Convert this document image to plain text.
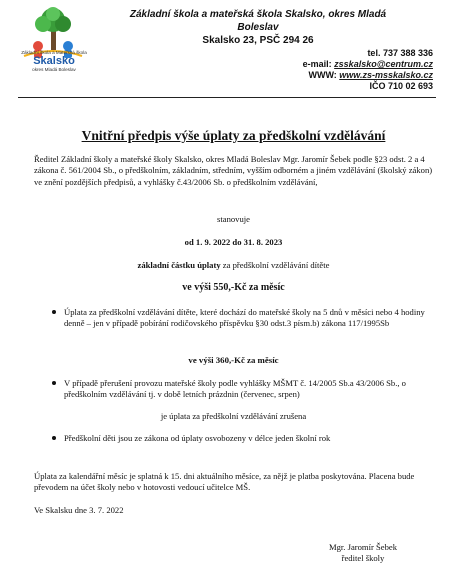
Základní škola a Mateřská škola
Skalsko
okres Mladá Boleslav
Základní škola a mateřská škola Skalsko, okres Mladá Boleslav
Skalsko 23, PSČ 294 26
tel. 737 388 336
e-mail: zsskalsko@centrum.cz
WWW: www.zs-msskalsko.cz
IČO 710 02 693
Vnitřní předpis výše úplaty za předškolní vzdělávání
Ředitel Základní školy a mateřské školy Skalsko, okres Mladá Boleslav Mgr. Jaromír Šebek podle §23 odst. 2 a 4 zákona č. 561/2004 Sb., o předškolním, základním, středním, vyšším odborném a jiném vzdělávání (školský zákon) ve znění pozdějších předpisů, a vyhlášky č.43/2006 Sb. o předškolním vzdělávání,
stanovuje
od 1. 9. 2022 do 31. 8. 2023
základní částku úplaty za předškolní vzdělávání dítěte
ve výši 550,-Kč za měsíc
Úplata za předškolní vzdělávání dítěte, které dochází do mateřské školy na 5 dnů v měsíci nebo 4 hodiny denně – jen v případě pobírání rodičovského příspěvku §30 odst.3 písm.b) zákona 117/1995Sb
ve výši 360,-Kč za měsíc
V případě přerušení provozu mateřské školy podle vyhlášky MŠMT č. 14/2005 Sb.a 43/2006 Sb., o předškolním vzdělávání tj. v době letních prázdnin (červenec, srpen)
je úplata za předškolní vzdělávání zrušena
Předškolní děti jsou ze zákona od úplaty osvobozeny v délce jeden školní rok
Úplata za kalendářní měsíc je splatná k 15. dni aktuálního měsíce, za nějž je platba poskytována. Placena bude převodem na účet školy nebo v hotovosti vedoucí učitelce MŠ.
Ve Skalsku dne 3. 7. 2022
Mgr. Jaromír Šebek
ředitel školy
